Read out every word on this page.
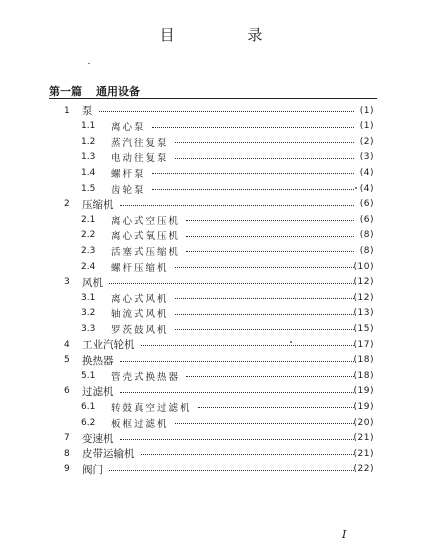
目 录
第一篇 通用设备
1 泵	(1)
1.1 离心泵	(1)
1.2 蒸汽往复泵	(2)
1.3 电动往复泵	(3)
1.4 螺杆泵	(4)
1.5 齿轮泵	(4)
2 压缩机	(6)
2.1 离心式空压机	(6)
2.2 离心式氧压机	(8)
2.3 活塞式压缩机	(8)
2.4 螺杆压缩机	(10)
3 风机	(12)
3.1 离心式风机	(12)
3.2 轴流式风机	(13)
3.3 罗茨鼓风机	(15)
4 工业汽轮机	(17)
5 换热器	(18)
5.1 管壳式换热器	(18)
6 过滤机	(19)
6.1 转鼓真空过滤机	(19)
6.2 板框过滤机	(20)
7 变速机	(21)
8 皮带运输机	(21)
9 阀门	(22)
I
